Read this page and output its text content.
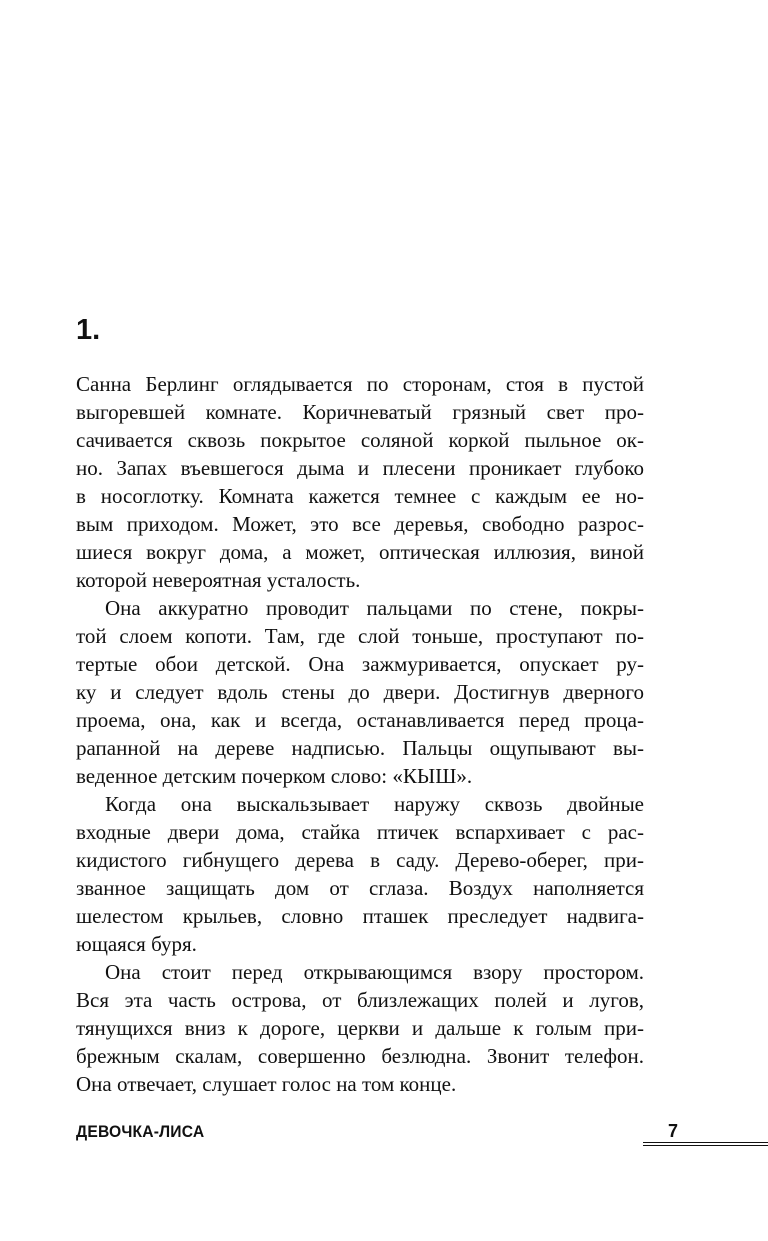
1.
Санна Берлинг оглядывается по сторонам, стоя в пустой
выгоревшей комнате. Коричневатый грязный свет про-
сачивается сквозь покрытое соляной коркой пыльное ок-
но. Запах въевшегося дыма и плесени проникает глубоко
в носоглотку. Комната кажется темнее с каждым ее но-
вым приходом. Может, это все деревья, свободно разрос-
шиеся вокруг дома, а может, оптическая иллюзия, виной
которой невероятная усталость.
Она аккуратно проводит пальцами по стене, покры-
той слоем копоти. Там, где слой тоньше, проступают по-
тертые обои детской. Она зажмуривается, опускает ру-
ку и следует вдоль стены до двери. Достигнув дверного
проема, она, как и всегда, останавливается перед проца-
рапанной на дереве надписью. Пальцы ощупывают вы-
веденное детским почерком слово: «КЫШ».
Когда она выскальзывает наружу сквозь двойные
входные двери дома, стайка птичек вспархивает с рас-
кидистого гибнущего дерева в саду. Дерево-оберег, при-
званное защищать дом от сглаза. Воздух наполняется
шелестом крыльев, словно пташек преследует надвига-
ющаяся буря.
Она стоит перед открывающимся взору простором.
Вся эта часть острова, от близлежащих полей и лугов,
тянущихся вниз к дороге, церкви и дальше к голым при-
брежным скалам, совершенно безлюдна. Звонит телефон.
Она отвечает, слушает голос на том конце.
ДЕВОЧКА-ЛИСА	7
